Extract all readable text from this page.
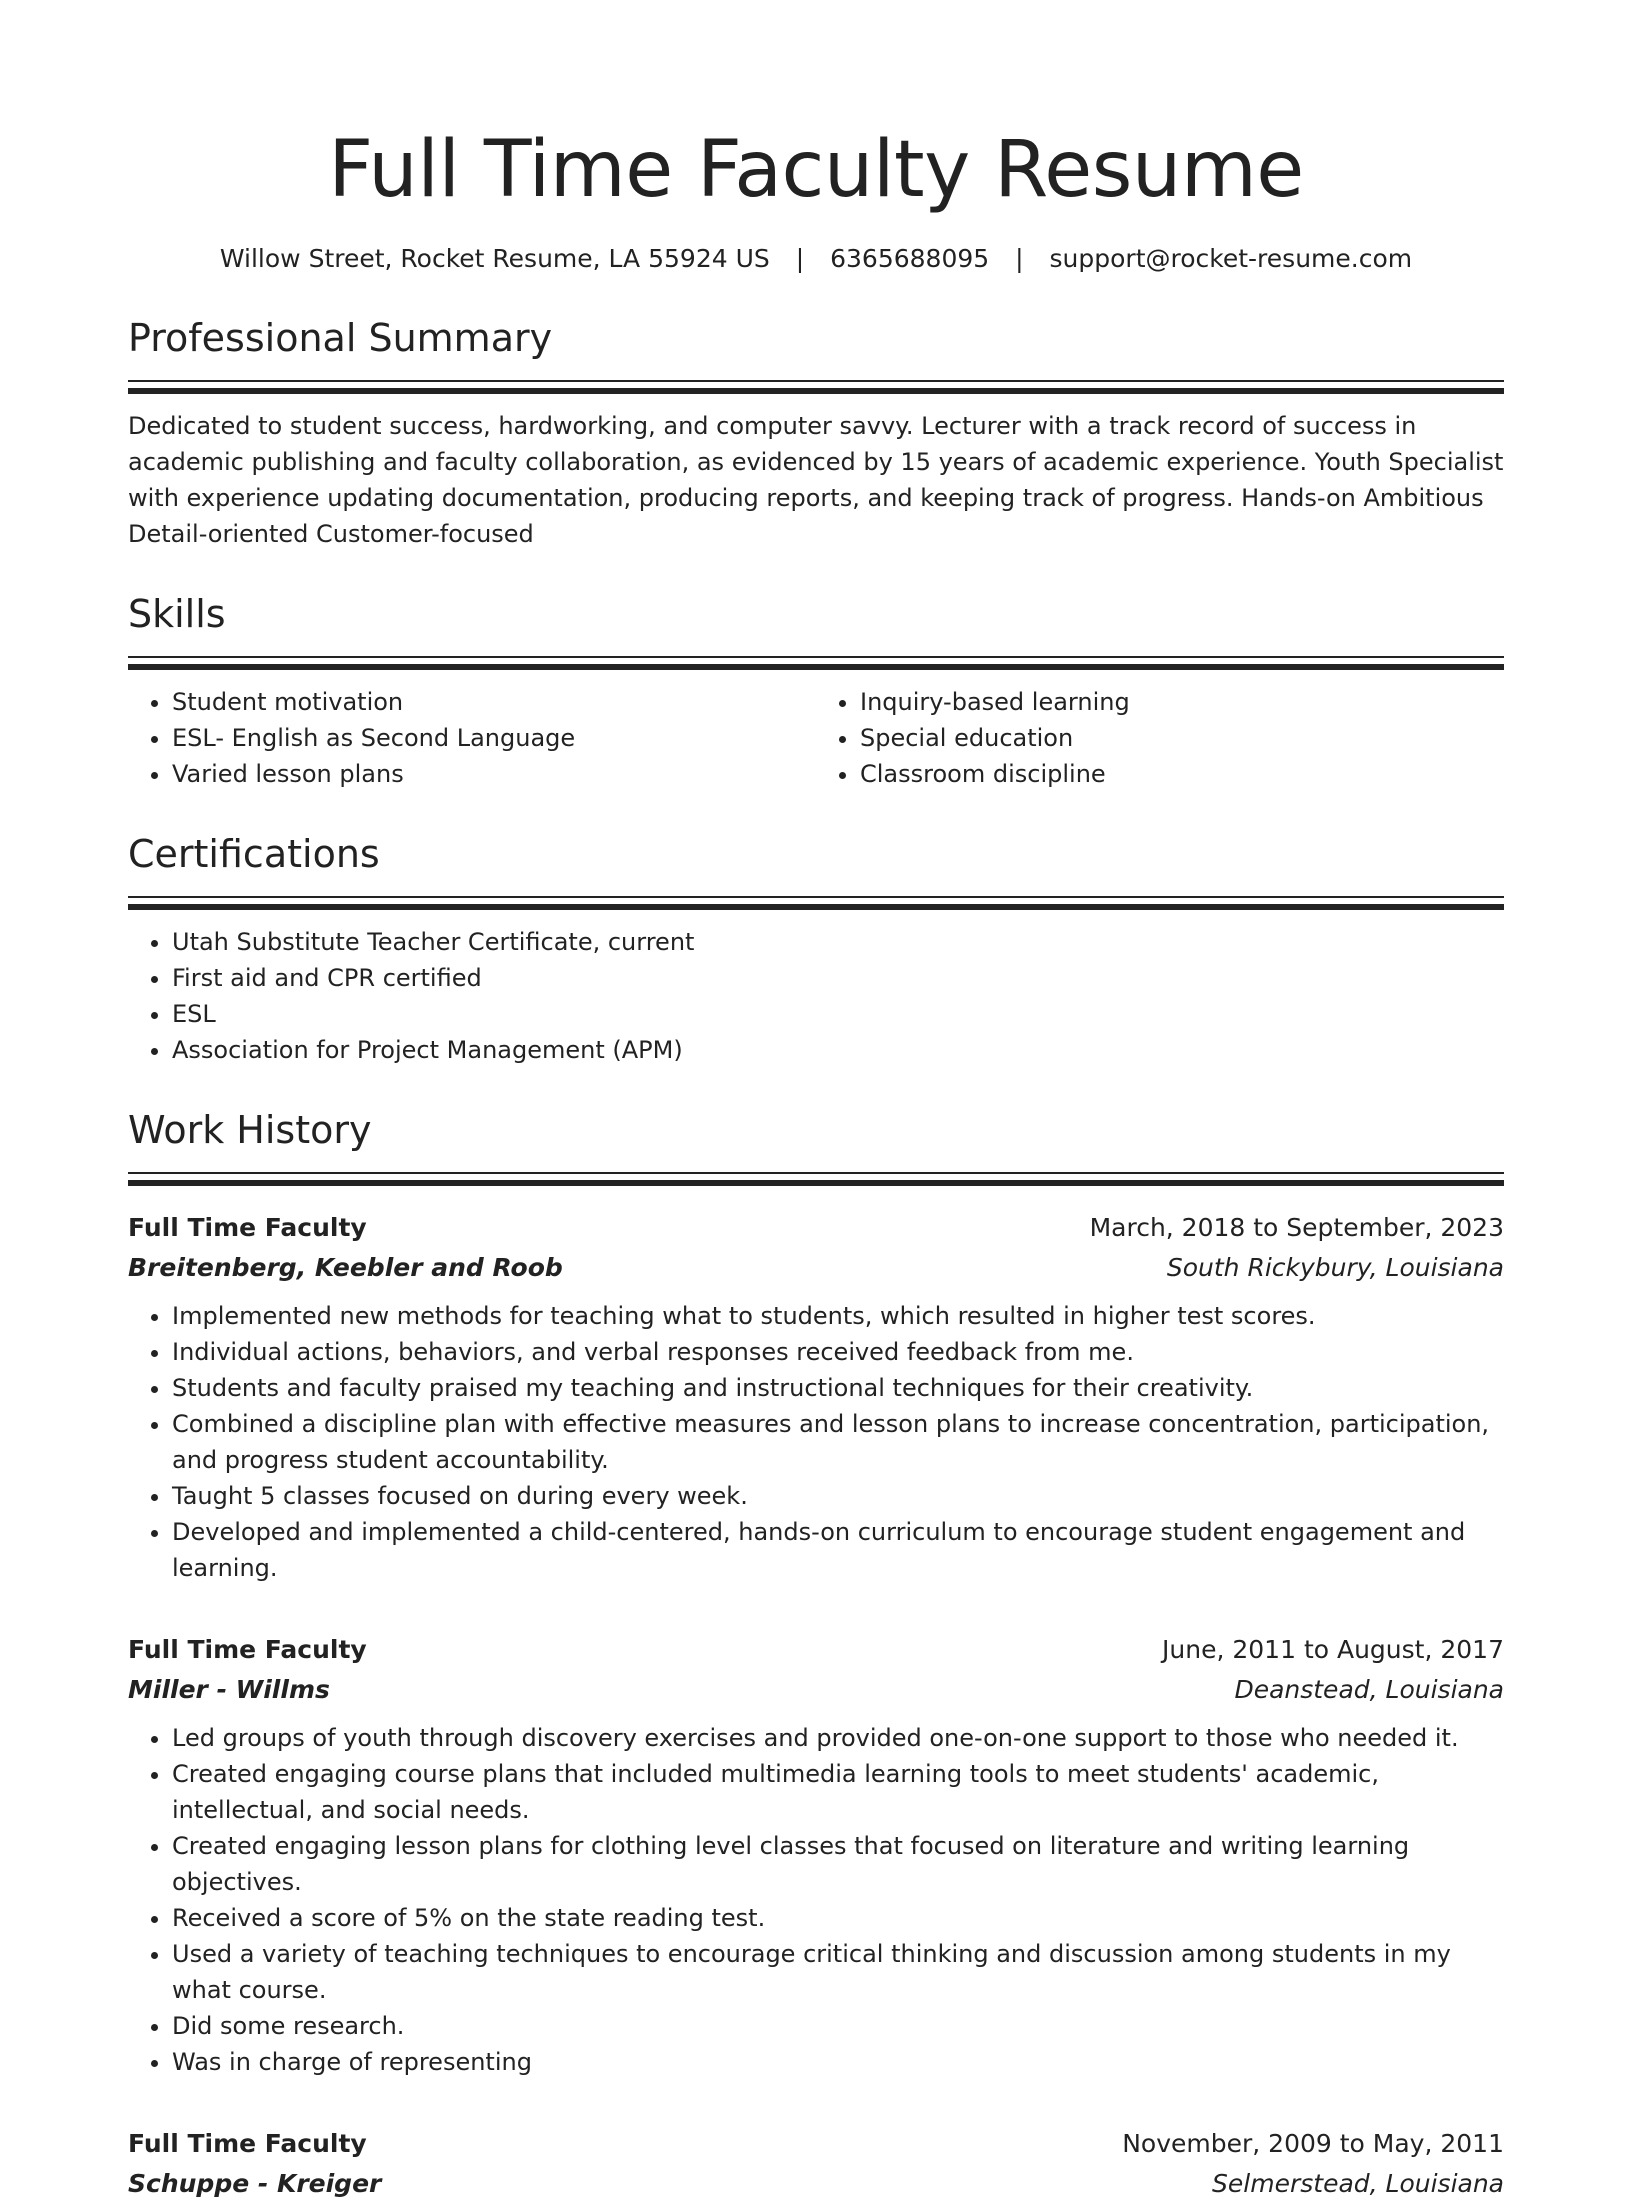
Full Time Faculty Resume
Willow Street, Rocket Resume, LA 55924 US | 6365688095 | support@rocket-resume.com
Professional Summary
Dedicated to student success, hardworking, and computer savvy. Lecturer with a track record of success in academic publishing and faculty collaboration, as evidenced by 15 years of academic experience. Youth Specialist with experience updating documentation, producing reports, and keeping track of progress. Hands-on Ambitious Detail-oriented Customer-focused
Skills
• Student motivation
• ESL- English as Second Language
• Varied lesson plans
• Inquiry-based learning
• Special education
• Classroom discipline
Certifications
• Utah Substitute Teacher Certificate, current
• First aid and CPR certified
• ESL
• Association for Project Management (APM)
Work History
Full Time Faculty	March, 2018 to September, 2023
Breitenberg, Keebler and Roob	South Rickybury, Louisiana
• Implemented new methods for teaching what to students, which resulted in higher test scores.
• Individual actions, behaviors, and verbal responses received feedback from me.
• Students and faculty praised my teaching and instructional techniques for their creativity.
• Combined a discipline plan with effective measures and lesson plans to increase concentration, participation, and progress student accountability.
• Taught 5 classes focused on during every week.
• Developed and implemented a child-centered, hands-on curriculum to encourage student engagement and learning.
Full Time Faculty	June, 2011 to August, 2017
Miller - Willms	Deanstead, Louisiana
• Led groups of youth through discovery exercises and provided one-on-one support to those who needed it.
• Created engaging course plans that included multimedia learning tools to meet students' academic, intellectual, and social needs.
• Created engaging lesson plans for clothing level classes that focused on literature and writing learning objectives.
• Received a score of 5% on the state reading test.
• Used a variety of teaching techniques to encourage critical thinking and discussion among students in my what course.
• Did some research.
• Was in charge of representing
Full Time Faculty	November, 2009 to May, 2011
Schuppe - Kreiger	Selmerstead, Louisiana
